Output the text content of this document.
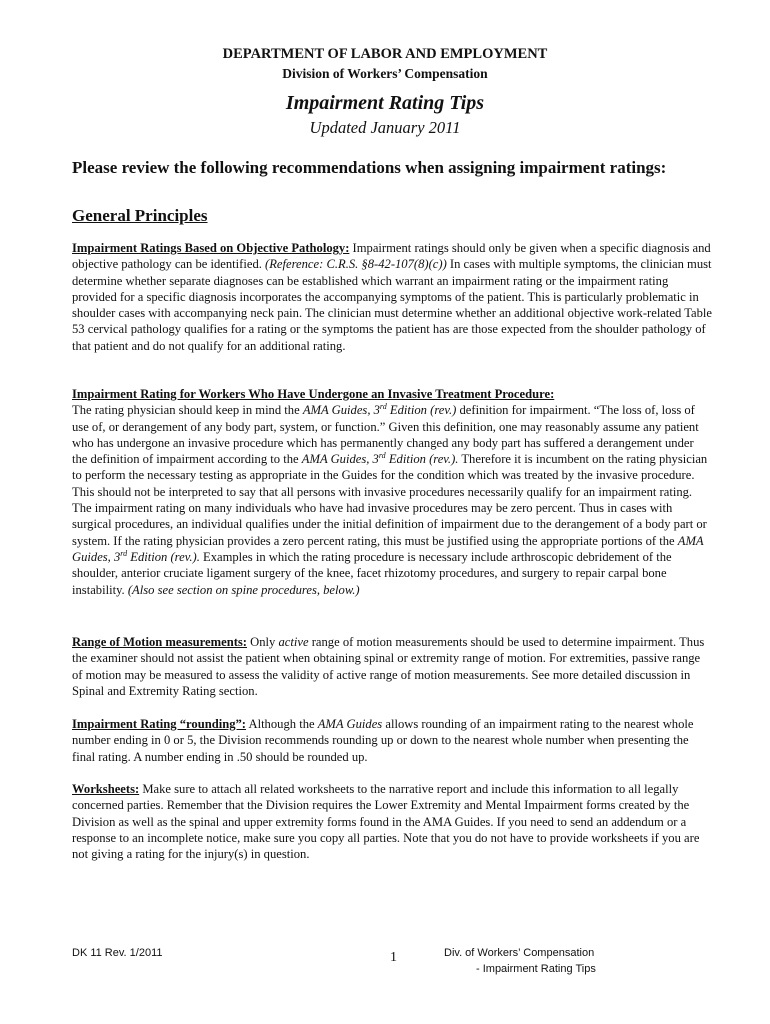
DEPARTMENT OF LABOR AND EMPLOYMENT
Division of Workers’ Compensation
Impairment Rating Tips
Updated January 2011
Please review the following recommendations when assigning impairment ratings:
General Principles
Impairment Ratings Based on Objective Pathology: Impairment ratings should only be given when a specific diagnosis and objective pathology can be identified. (Reference: C.R.S. §8-42-107(8)(c)) In cases with multiple symptoms, the clinician must determine whether separate diagnoses can be established which warrant an impairment rating or the impairment rating provided for a specific diagnosis incorporates the accompanying symptoms of the patient. This is particularly problematic in shoulder cases with accompanying neck pain. The clinician must determine whether an additional objective work-related Table 53 cervical pathology qualifies for a rating or the symptoms the patient has are those expected from the shoulder pathology of that patient and do not qualify for an additional rating.
Impairment Rating for Workers Who Have Undergone an Invasive Treatment Procedure:
The rating physician should keep in mind the AMA Guides, 3rd Edition (rev.) definition for impairment. “The loss of, loss of use of, or derangement of any body part, system, or function.” Given this definition, one may reasonably assume any patient who has undergone an invasive procedure which has permanently changed any body part has suffered a derangement under the definition of impairment according to the AMA Guides, 3rd Edition (rev.). Therefore it is incumbent on the rating physician to perform the necessary testing as appropriate in the Guides for the condition which was treated by the invasive procedure. This should not be interpreted to say that all persons with invasive procedures necessarily qualify for an impairment rating. The impairment rating on many individuals who have had invasive procedures may be zero percent. Thus in cases with surgical procedures, an individual qualifies under the initial definition of impairment due to the derangement of a body part or system. If the rating physician provides a zero percent rating, this must be justified using the appropriate portions of the AMA Guides, 3rd Edition (rev.). Examples in which the rating procedure is necessary include arthroscopic debridement of the shoulder, anterior cruciate ligament surgery of the knee, facet rhizotomy procedures, and surgery to repair carpal bone instability. (Also see section on spine procedures, below.)
Range of Motion measurements: Only active range of motion measurements should be used to determine impairment. Thus the examiner should not assist the patient when obtaining spinal or extremity range of motion. For extremities, passive range of motion may be measured to assess the validity of active range of motion measurements. See more detailed discussion in Spinal and Extremity Rating section.
Impairment Rating “rounding”: Although the AMA Guides allows rounding of an impairment rating to the nearest whole number ending in 0 or 5, the Division recommends rounding up or down to the nearest whole number when presenting the final rating. A number ending in .50 should be rounded up.
Worksheets: Make sure to attach all related worksheets to the narrative report and include this information to all legally concerned parties. Remember that the Division requires the Lower Extremity and Mental Impairment forms created by the Division as well as the spinal and upper extremity forms found in the AMA Guides. If you need to send an addendum or a response to an incomplete notice, make sure you copy all parties. Note that you do not have to provide worksheets if you are not giving a rating for the injury(s) in question.
DK 11 Rev. 1/2011	1	Div. of Workers’ Compensation
- Impairment Rating Tips
